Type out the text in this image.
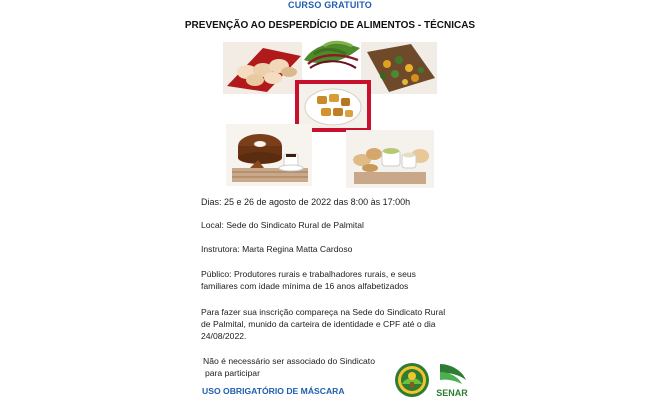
CURSO GRATUITO
PREVENÇÃO AO DESPERDÍCIO DE ALIMENTOS - TÉCNICAS
Dias: 25 e 26 de agosto de 2022 das 8:00 às 17:00h
Local: Sede do Sindicato Rural de Palmital
Instrutora: Marta Regina Matta Cardoso
Público: Produtores rurais e trabalhadores rurais, e seus
familiares com idade mínima de 16 anos alfabetizados
Para fazer sua inscrição compareça na Sede do Sindicato Rural
de Palmital, munido da carteira de identidade e CPF até o dia
24/08/2022.
Não é necessário ser associado do Sindicato
para participar
USO OBRIGATÓRIO DE MÁSCARA	SENAR
